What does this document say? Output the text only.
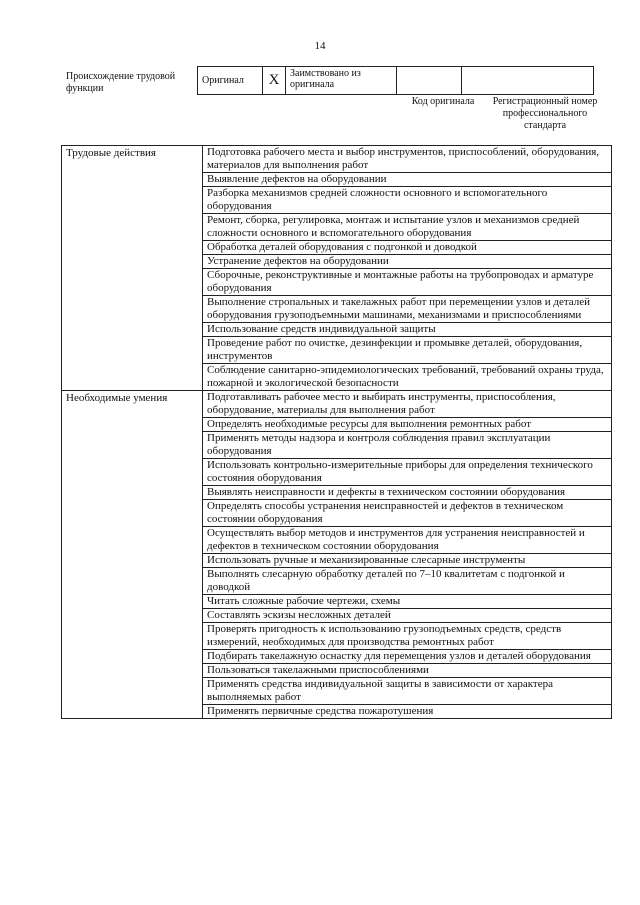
14
Происхождение трудовой функции
Оригинал	X	Заимствовано из оригинала		
Код оригинала	Регистрационный номер профессионального стандарта
Трудовые действия	Подготовка рабочего места и выбор инструментов, приспособлений, оборудования, материалов для выполнения работ
	Выявление дефектов на оборудовании
	Разборка механизмов средней сложности основного и вспомогательного оборудования
	Ремонт, сборка, регулировка, монтаж и испытание узлов и механизмов средней сложности основного и вспомогательного оборудования
	Обработка деталей оборудования с подгонкой и доводкой
	Устранение дефектов на оборудовании
	Сборочные, реконструктивные и монтажные работы на трубопроводах и арматуре оборудования
	Выполнение стропальных и такелажных работ при перемещении узлов и деталей оборудования грузоподъемными машинами, механизмами и приспособлениями
	Использование средств индивидуальной защиты
	Проведение работ по очистке, дезинфекции и промывке деталей, оборудования, инструментов
	Соблюдение санитарно-эпидемиологических требований, требований охраны труда, пожарной и экологической безопасности

Необходимые умения	Подготавливать рабочее место и выбирать инструменты, приспособления, оборудование, материалы для выполнения работ
	Определять необходимые ресурсы для выполнения ремонтных работ
	Применять методы надзора и контроля соблюдения правил эксплуатации оборудования
	Использовать контрольно-измерительные приборы для определения технического состояния оборудования
	Выявлять неисправности и дефекты в техническом состоянии оборудования
	Определять способы устранения неисправностей и дефектов в техническом состоянии оборудования
	Осуществлять выбор методов и инструментов для устранения неисправностей и дефектов в техническом состоянии оборудования
	Использовать ручные и механизированные слесарные инструменты
	Выполнять слесарную обработку деталей по 7–10 квалитетам с подгонкой и доводкой
	Читать сложные рабочие чертежи, схемы
	Составлять эскизы несложных деталей
	Проверять пригодность к использованию грузоподъемных средств, средств измерений, необходимых для производства ремонтных работ
	Подбирать такелажную оснастку для перемещения узлов и деталей оборудования
	Пользоваться такелажными приспособлениями
	Применять средства индивидуальной защиты в зависимости от характера выполняемых работ
	Применять первичные средства пожаротушения
